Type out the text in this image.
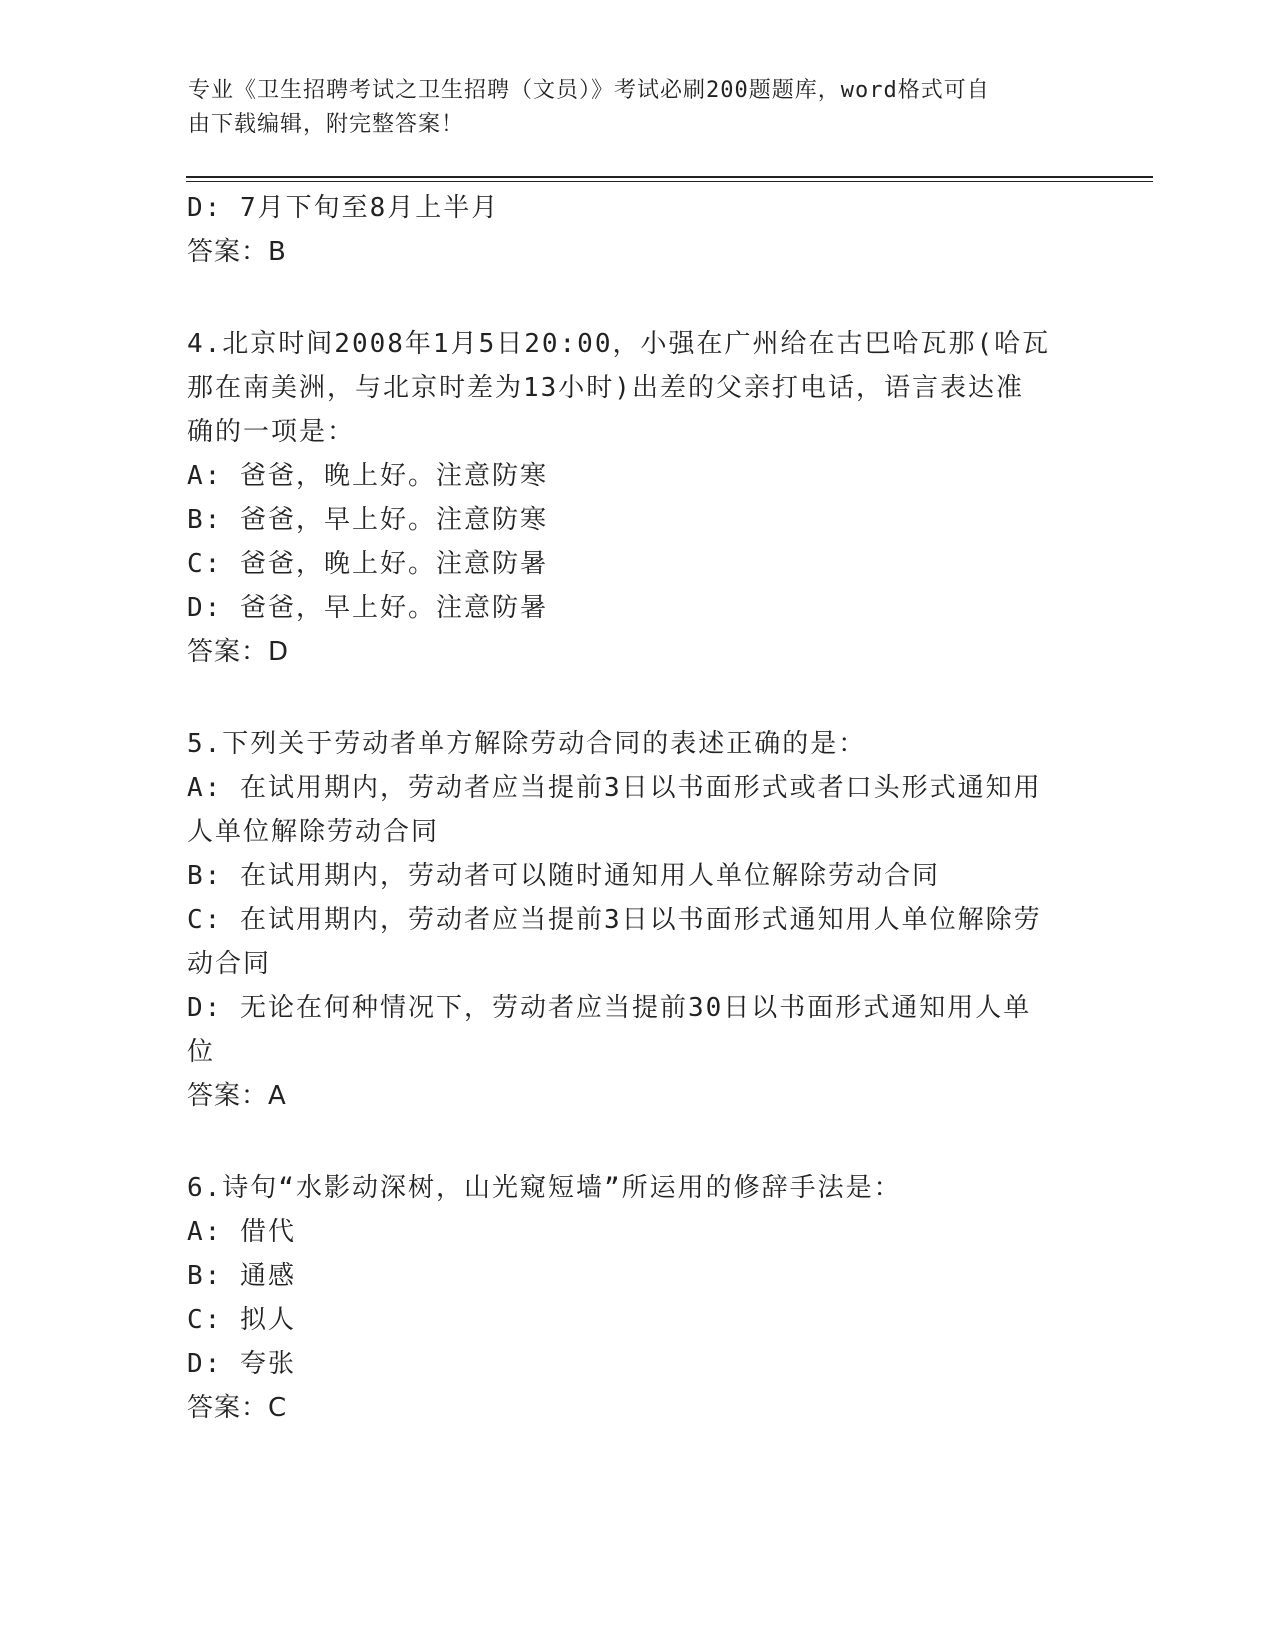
专业《卫生招聘考试之卫生招聘（文员）》考试必刷200题题库，word格式可自
由下载编辑，附完整答案！
D: 7月下旬至8月上半月
答案：B
4.北京时间2008年1月5日20:00，小强在广州给在古巴哈瓦那(哈瓦
那在南美洲，与北京时差为13小时)出差的父亲打电话，语言表达准
确的一项是：
A: 爸爸，晚上好。注意防寒
B: 爸爸，早上好。注意防寒
C: 爸爸，晚上好。注意防暑
D: 爸爸，早上好。注意防暑
答案：D
5.下列关于劳动者单方解除劳动合同的表述正确的是：
A: 在试用期内，劳动者应当提前3日以书面形式或者口头形式通知用
人单位解除劳动合同
B: 在试用期内，劳动者可以随时通知用人单位解除劳动合同
C: 在试用期内，劳动者应当提前3日以书面形式通知用人单位解除劳
动合同
D: 无论在何种情况下，劳动者应当提前30日以书面形式通知用人单
位
答案：A
6.诗句“水影动深树，山光窥短墙”所运用的修辞手法是：
A: 借代
B: 通感
C: 拟人
D: 夸张
答案：C
